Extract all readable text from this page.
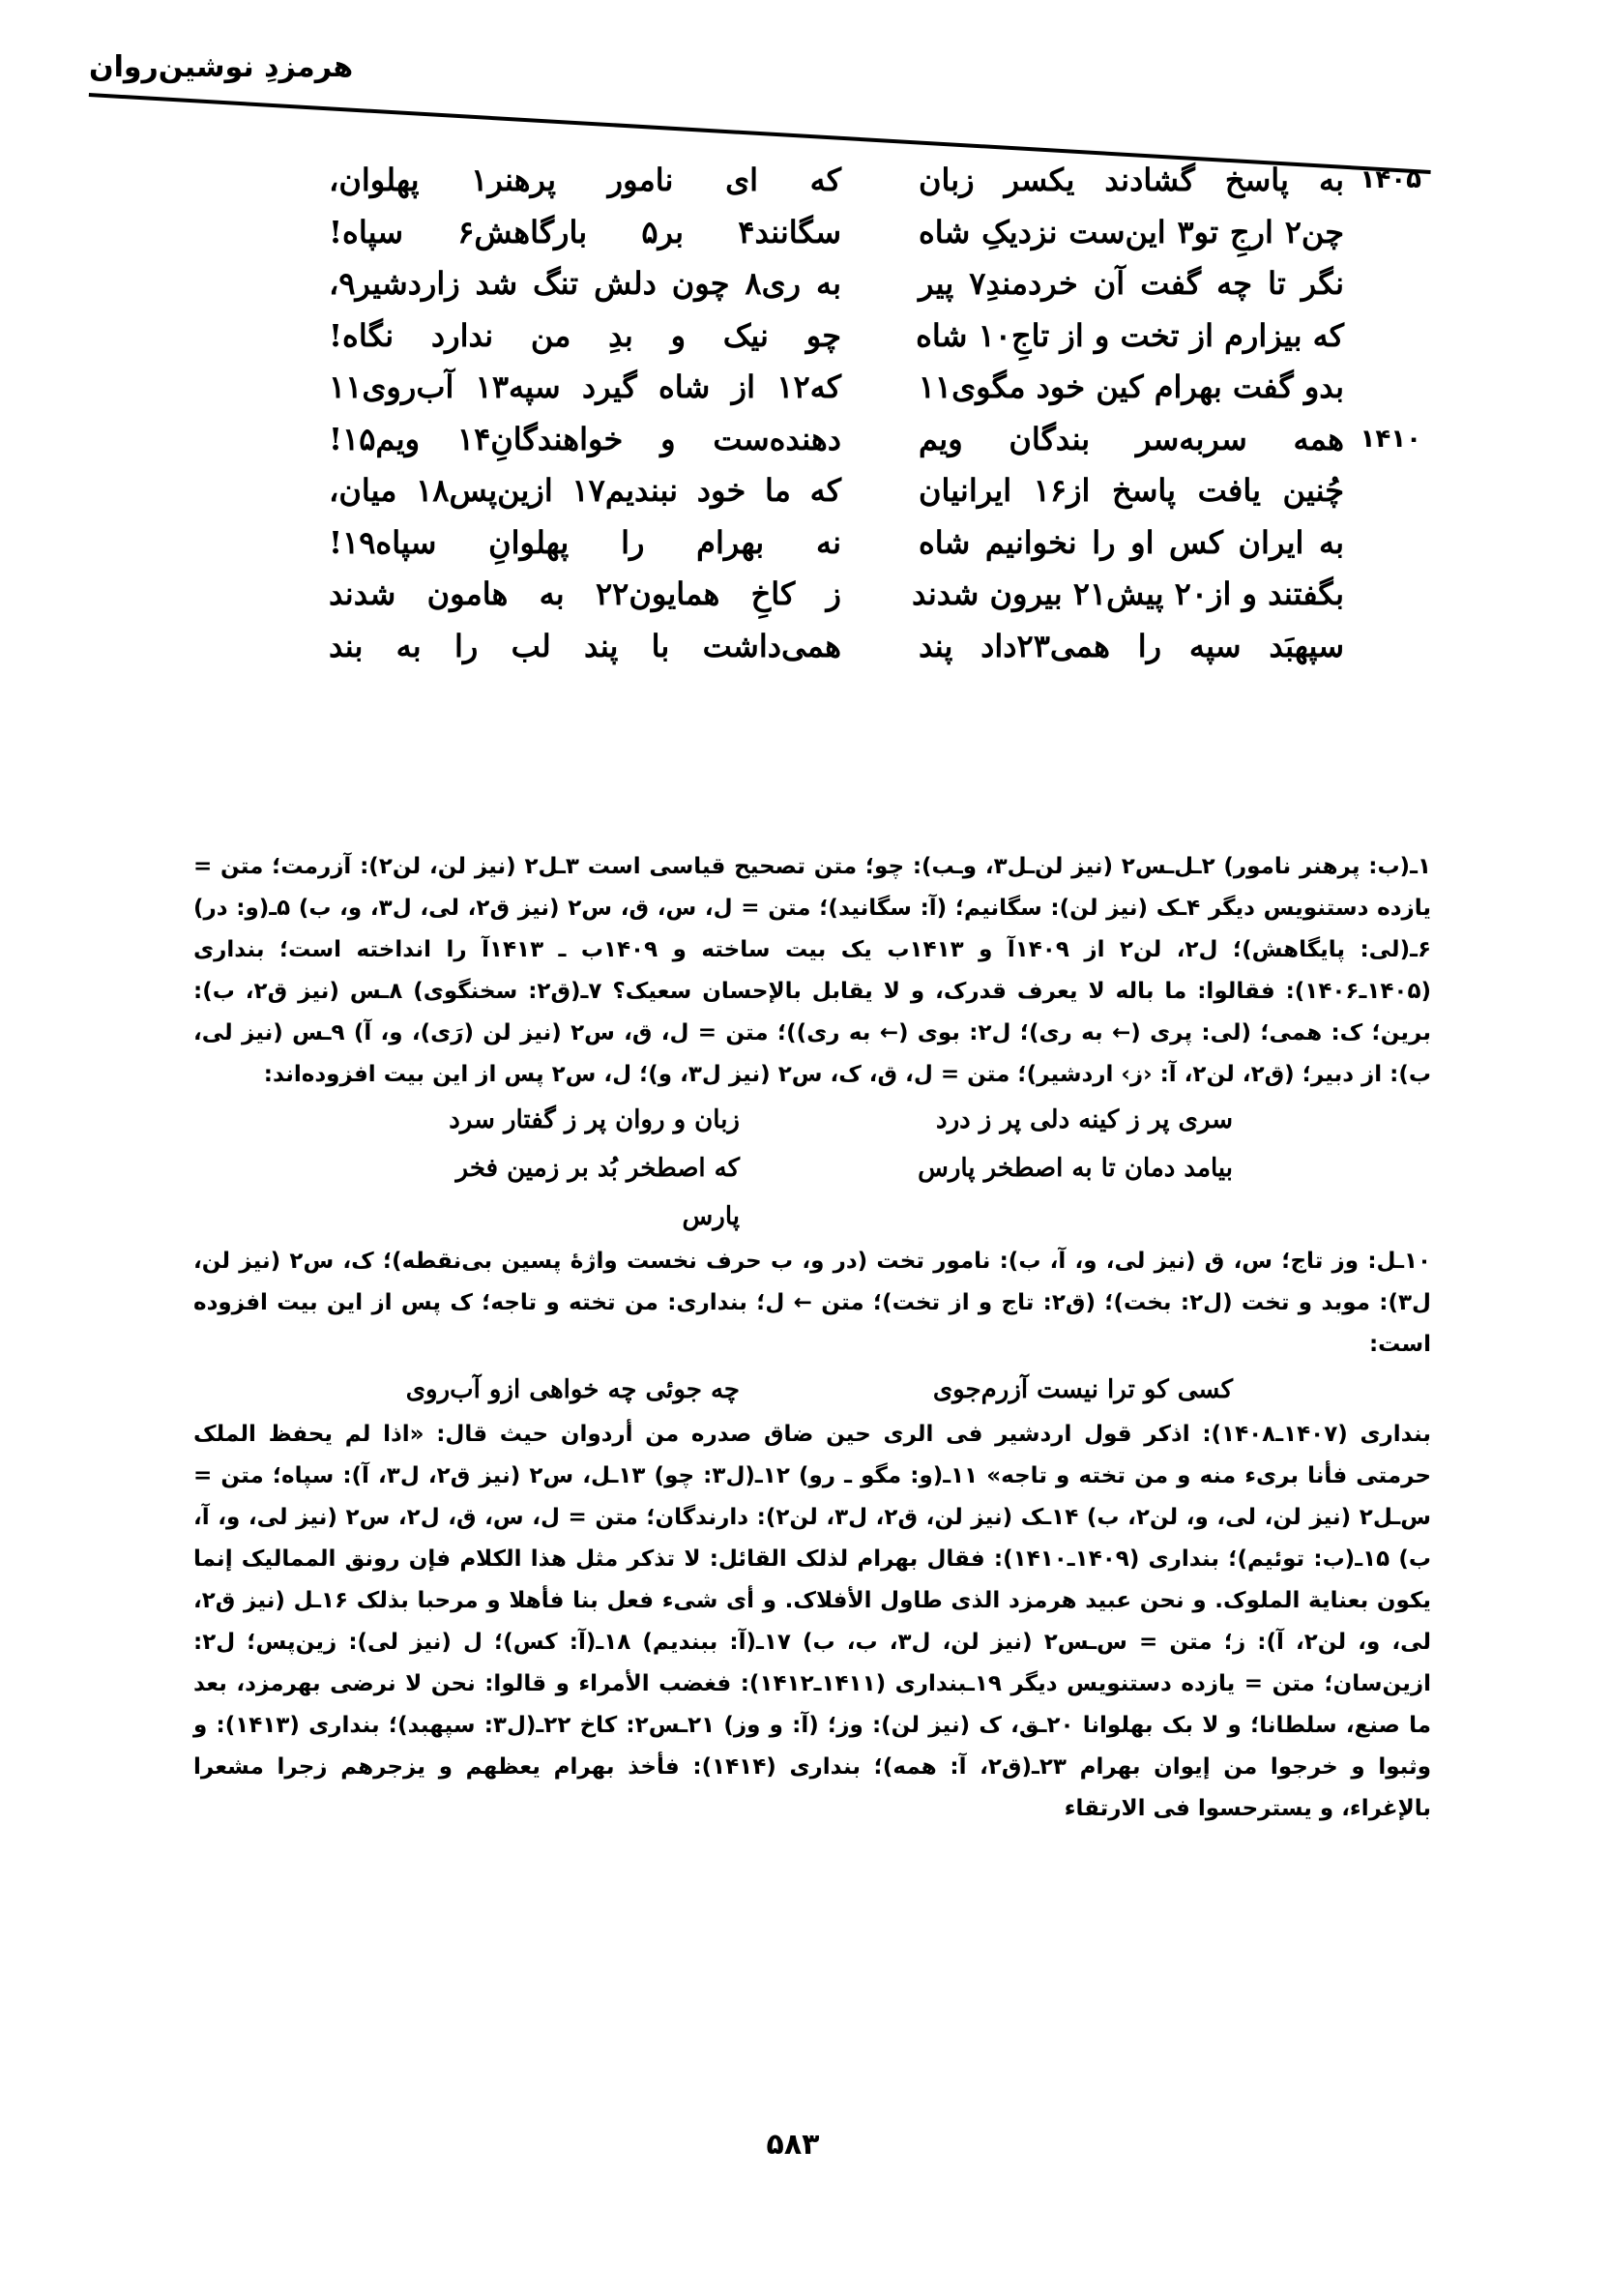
هرمزدِ نوشین‌روان
۱۴۰۵
به پاسخ گشادند یکسر زبان
چن۲ ارجِ تو۳ این‌ست نزدیکِ شاه
نگر تا چه گفت آن خردمندِ۷ پیر
که بیزارم از تخت و از تاجِ۱۰ شاه
بدو گفت بهرام کین خود مگوی۱۱
۱۴۱۰
همه سربه‌سر بندگان ویم
چُنین یافت پاسخ از۱۶ ایرانیان
به ایران کس او را نخوانیم شاه
بگفتند و از۲۰ پیش۲۱ بیرون شدند
سپهبَد سپه را همی۲۳داد پند
که ای نامور پرهنر۱ پهلوان،
سگانند۴ بر۵ بارگاهش۶ سپاه!
به ری۸ چون دلش تنگ شد زاردشیر۹،
چو نیک و بدِ من ندارد نگاه!
که۱۲ از شاه گیرد سپه۱۳ آب‌روی۱۱
دهنده‌ست و خواهندگانِ۱۴ ویم۱۵!
که ما خود نبندیم۱۷ ازین‌پس۱۸ میان،
نه بهرام را پهلوانِ سپاه۱۹!
ز کاخِ همایون۲۲ به هامون شدند
همی‌داشت با پند لب را به بند

۱ـ(ب: پرهنر نامور) ۲ـل‌ـس۲ (نیز لن‌ـل۳، وـب): چو؛ متن تصحیح قیاسی است ۳ـل۲ (نیز لن، لن۲): آزرمت؛ متن = یازده دستنویس دیگر ۴ـک (نیز لن): سگانیم؛ (آ: سگانید)؛ متن = ل، س، ق، س۲ (نیز ق۲، لی، ل۳، و، ب) ۵ـ(و: در) ۶ـ(لی: پایگاهش)؛ ل۲، لن۲ از ۱۴۰۹آ و ۱۴۱۳ب یک بیت ساخته و ۱۴۰۹ب ـ ۱۴۱۳آ را انداخته است؛ بنداری (۱۴۰۵ـ۱۴۰۶): فقالوا: ما باله لا یعرف قدرک، و لا یقابل بالإحسان سعیک؟ ۷ـ(ق۲: سخنگوی) ۸ـس (نیز ق۲، ب): برین؛ ک: همی؛ (لی: پری (← به ری)؛ ل۲: بوی (← به ری))؛ متن = ل، ق، س۲ (نیز لن (رَی)، و، آ) ۹ـس (نیز لی، ب): از دبیر؛ (ق۲، لن۲، آ: ‹ز› اردشیر)؛ متن = ل، ق، ک، س۲ (نیز ل۳، و)؛ ل، س۲ پس از این بیت افزوده‌اند:

سری پر ز کینه دلی پر ز درد
زبان و روان پر ز گفتار سرد
بیامد دمان تا به اصطخر پارس
که اصطخر بُد بر زمین فخر پارس

۱۰ـل: وز تاج؛ س، ق (نیز لی، و، آ، ب): نامور تخت (در و، ب حرف نخست واژهٔ پسین بی‌نقطه)؛ ک، س۲ (نیز لن، ل۳): موبد و تخت (ل۲: بخت)؛ (ق۲: تاج و از تخت)؛ متن ← ل؛ بنداری: من تخته و تاجه؛ ک پس از این بیت افزوده است:

کسی کو ترا نیست آزرم‌جوی
چه جوئی چه خواهی ازو آب‌روی

بنداری (۱۴۰۷ـ۱۴۰۸): اذکر قول اردشیر فی الری حین ضاق صدره من أردوان حیث قال: «اذا لم یحفظ الملک حرمتی فأنا بریء منه و من تخته و تاجه» ۱۱ـ(و: مگو ـ رو) ۱۲ـ(ل۳: چو) ۱۳ـل، س۲ (نیز ق۲، ل۳، آ): سپاه؛ متن = س‌ـل۲ (نیز لن، لی، و، لن۲، ب) ۱۴ـک (نیز لن، ق۲، ل۳، لن۲): دارندگان؛ متن = ل، س، ق، ل۲، س۲ (نیز لی، و، آ، ب) ۱۵ـ(ب: توئیم)؛ بنداری (۱۴۰۹ـ۱۴۱۰): فقال بهرام لذلک القائل: لا تذکر مثل هذا الکلام فإن رونق الممالیک إنما یکون بعنایة الملوک. و نحن عبید هرمزد الذی طاول الأفلاک. و أی شیء فعل بنا فأهلا و مرحبا بذلک ۱۶ـل (نیز ق۲، لی، و، لن۲، آ): ز؛ متن = س‌ـس۲ (نیز لن، ل۳، ب، ب) ۱۷ـ(آ: ببندیم) ۱۸ـ(آ: کس)؛ ل (نیز لی): زین‌پس؛ ل۲: ازین‌سان؛ متن = یازده دستنویس دیگر ۱۹ـبنداری (۱۴۱۱ـ۱۴۱۲): فغضب الأمراء و قالوا: نحن لا نرضی بهرمزد، بعد ما صنع، سلطانا؛ و لا بک بهلوانا ۲۰ـق، ک (نیز لن): وز؛ (آ: و وز) ۲۱ـس۲: کاخ ۲۲ـ(ل۳: سپهبد)؛ بنداری (۱۴۱۳): و وثبوا و خرجوا من إیوان بهرام ۲۳ـ(ق۲، آ: همه)؛ بنداری (۱۴۱۴): فأخذ بهرام یعظهم و یزجرهم زجرا مشعرا بالإغراء، و یسترحسوا فی الارتقاء

۵۸۳
